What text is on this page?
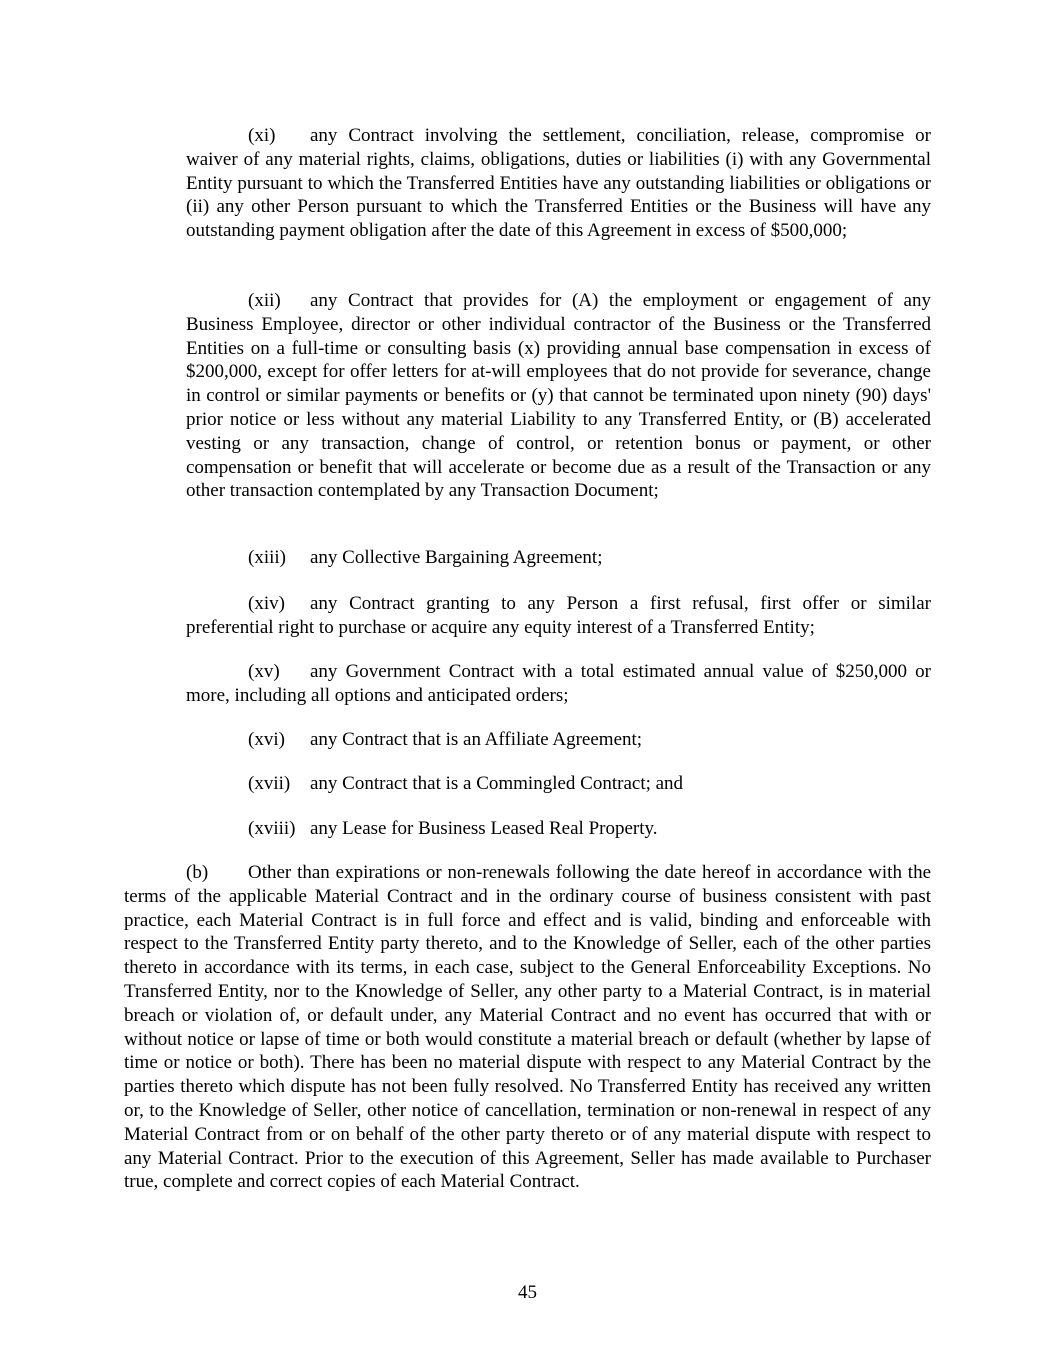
(xi) any Contract involving the settlement, conciliation, release, compromise or waiver of any material rights, claims, obligations, duties or liabilities (i) with any Governmental Entity pursuant to which the Transferred Entities have any outstanding liabilities or obligations or (ii) any other Person pursuant to which the Transferred Entities or the Business will have any outstanding payment obligation after the date of this Agreement in excess of $500,000;

(xii) any Contract that provides for (A) the employment or engagement of any Business Employee, director or other individual contractor of the Business or the Transferred Entities on a full-time or consulting basis (x) providing annual base compensation in excess of $200,000, except for offer letters for at-will employees that do not provide for severance, change in control or similar payments or benefits or (y) that cannot be terminated upon ninety (90) days' prior notice or less without any material Liability to any Transferred Entity, or (B) accelerated vesting or any transaction, change of control, or retention bonus or payment, or other compensation or benefit that will accelerate or become due as a result of the Transaction or any other transaction contemplated by any Transaction Document;

(xiii) any Collective Bargaining Agreement;

(xiv) any Contract granting to any Person a first refusal, first offer or similar preferential right to purchase or acquire any equity interest of a Transferred Entity;

(xv) any Government Contract with a total estimated annual value of $250,000 or more, including all options and anticipated orders;

(xvi) any Contract that is an Affiliate Agreement;

(xvii) any Contract that is a Commingled Contract; and

(xviii) any Lease for Business Leased Real Property.

(b) Other than expirations or non-renewals following the date hereof in accordance with the terms of the applicable Material Contract and in the ordinary course of business consistent with past practice, each Material Contract is in full force and effect and is valid, binding and enforceable with respect to the Transferred Entity party thereto, and to the Knowledge of Seller, each of the other parties thereto in accordance with its terms, in each case, subject to the General Enforceability Exceptions. No Transferred Entity, nor to the Knowledge of Seller, any other party to a Material Contract, is in material breach or violation of, or default under, any Material Contract and no event has occurred that with or without notice or lapse of time or both would constitute a material breach or default (whether by lapse of time or notice or both). There has been no material dispute with respect to any Material Contract by the parties thereto which dispute has not been fully resolved. No Transferred Entity has received any written or, to the Knowledge of Seller, other notice of cancellation, termination or non-renewal in respect of any Material Contract from or on behalf of the other party thereto or of any material dispute with respect to any Material Contract. Prior to the execution of this Agreement, Seller has made available to Purchaser true, complete and correct copies of each Material Contract.

45
